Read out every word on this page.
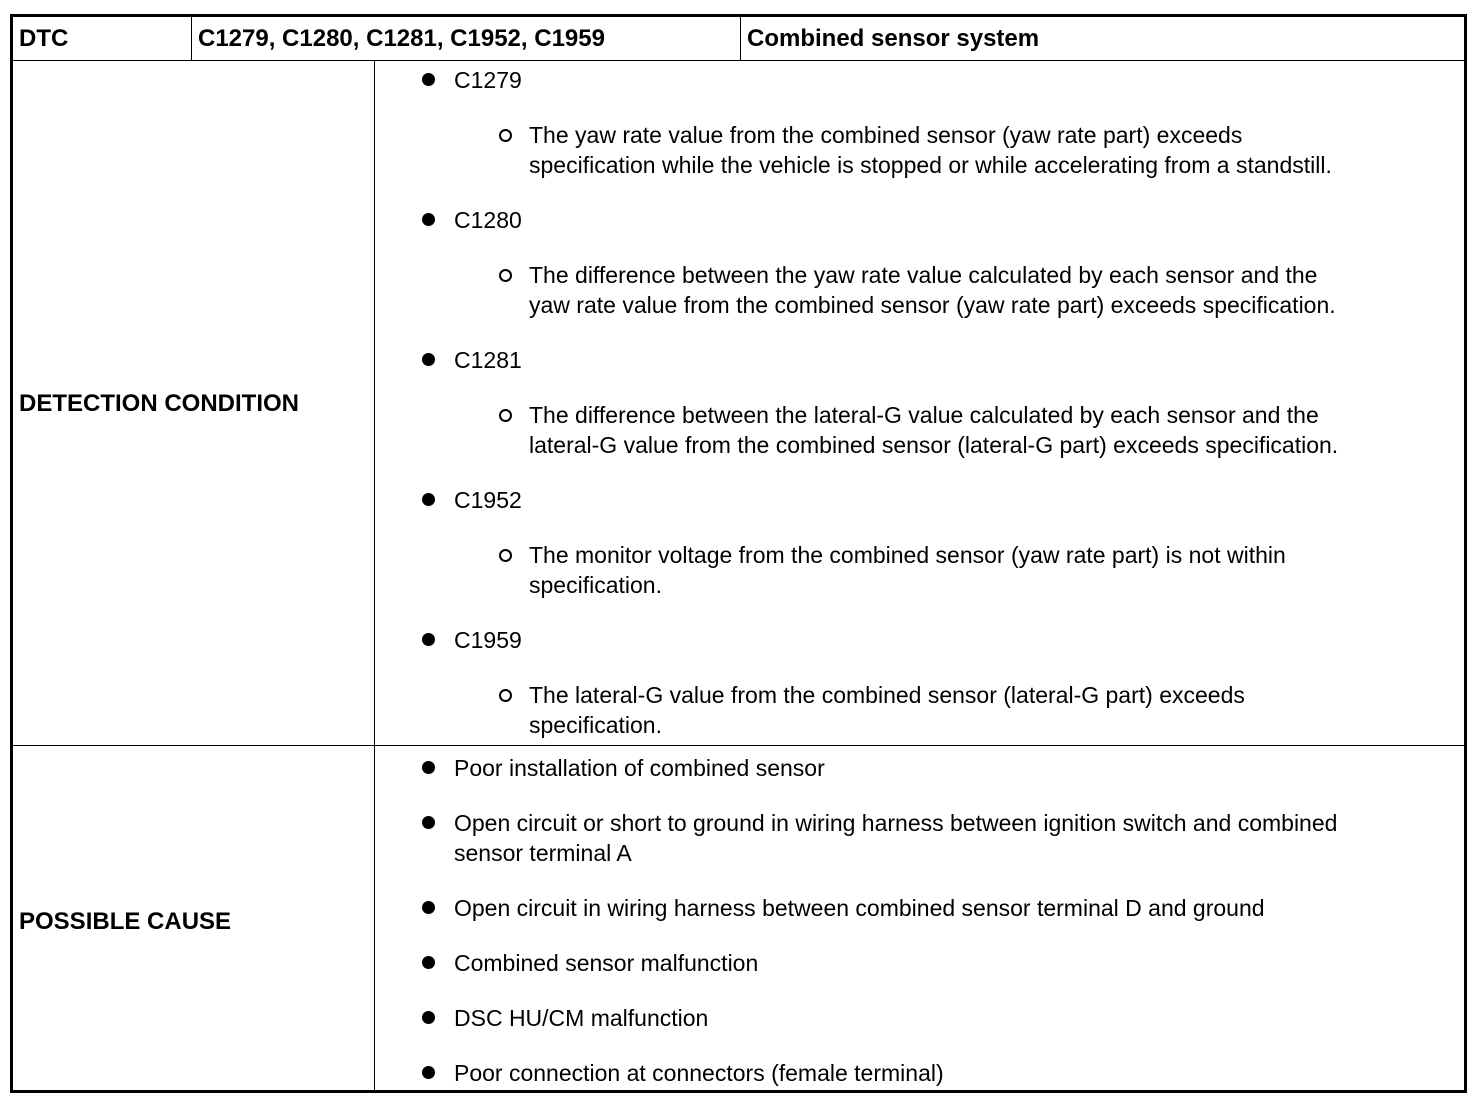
DTC	C1279, C1280, C1281, C1952, C1959	Combined sensor system
DETECTION CONDITION
POSSIBLE CAUSE
C1279
The yaw rate value from the combined sensor (yaw rate part) exceeds
specification while the vehicle is stopped or while accelerating from a standstill.
C1280
The difference between the yaw rate value calculated by each sensor and the
yaw rate value from the combined sensor (yaw rate part) exceeds specification.
C1281
The difference between the lateral-G value calculated by each sensor and the
lateral-G value from the combined sensor (lateral-G part) exceeds specification.
C1952
The monitor voltage from the combined sensor (yaw rate part) is not within
specification.
C1959
The lateral-G value from the combined sensor (lateral-G part) exceeds
specification.
Poor installation of combined sensor
Open circuit or short to ground in wiring harness between ignition switch and combined
sensor terminal A
Open circuit in wiring harness between combined sensor terminal D and ground
Combined sensor malfunction
DSC HU/CM malfunction
Poor connection at connectors (female terminal)
